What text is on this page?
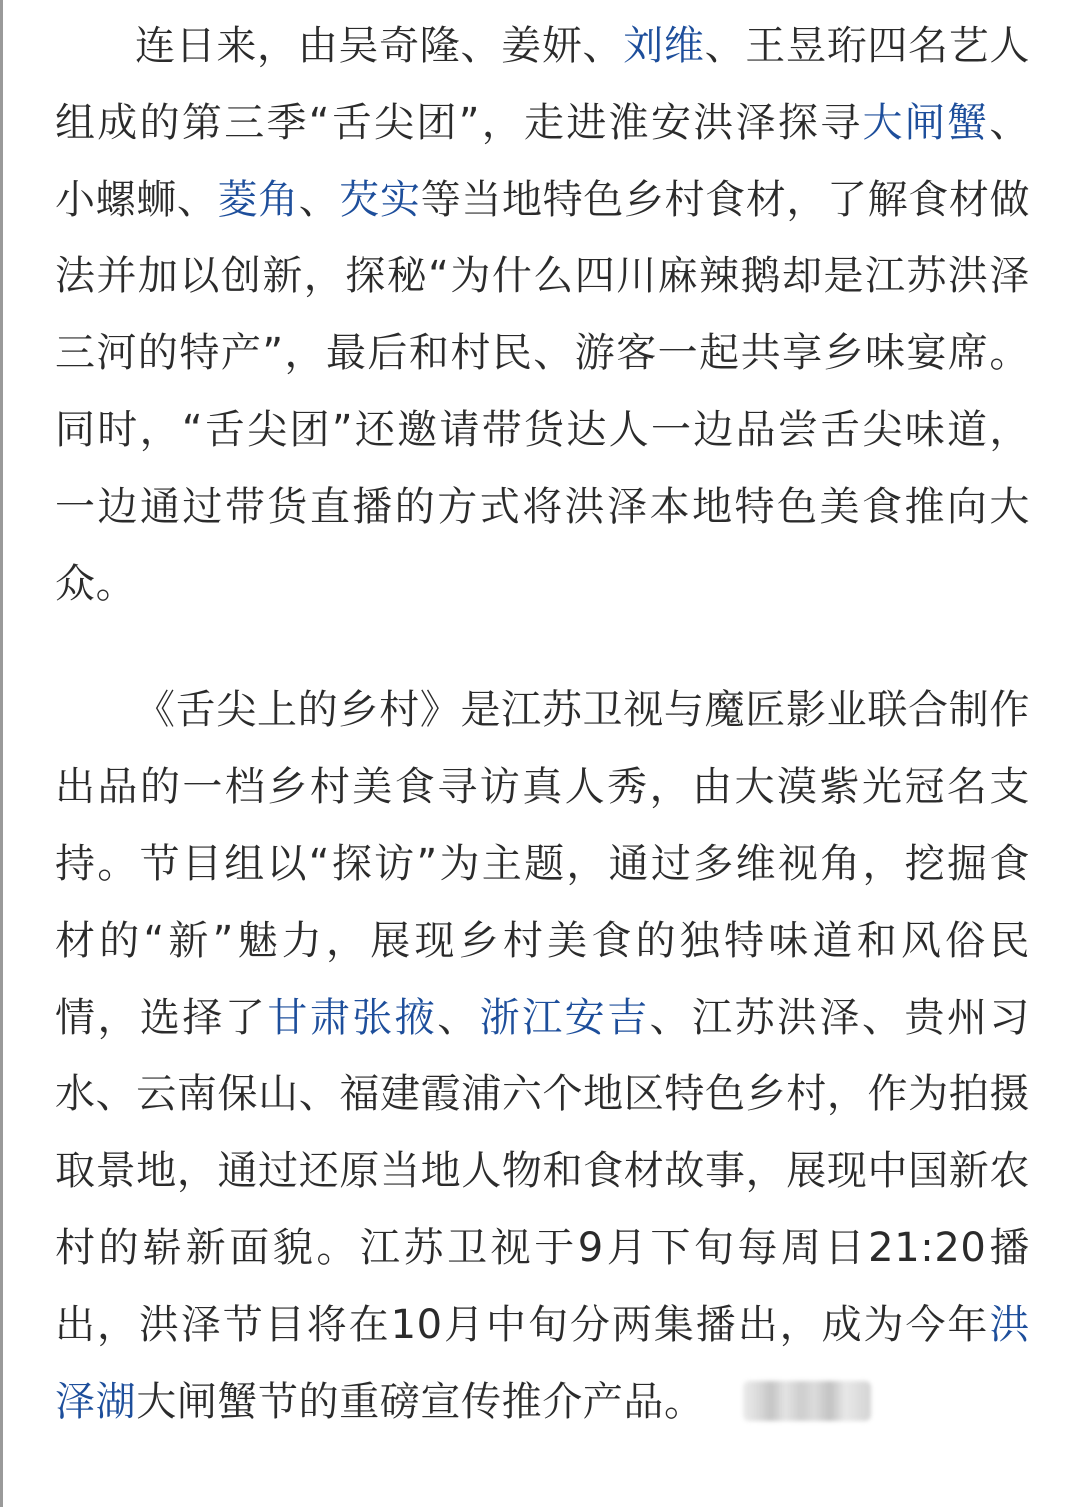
连日来，由吴奇隆、姜妍、刘维、王昱珩四名艺人组成的第三季“舌尖团”，走进淮安洪泽探寻大闸蟹、小螺蛳、菱角、芡实等当地特色乡村食材，了解食材做法并加以创新，探秘“为什么四川麻辣鹅却是江苏洪泽三河的特产”，最后和村民、游客一起共享乡味宴席。同时，“舌尖团”还邀请带货达人一边品尝舌尖味道，一边通过带货直播的方式将洪泽本地特色美食推向大众。

《舌尖上的乡村》是江苏卫视与魔匠影业联合制作出品的一档乡村美食寻访真人秀，由大漠紫光冠名支持。节目组以“探访”为主题，通过多维视角，挖掘食材的“新”魅力，展现乡村美食的独特味道和风俗民情，选择了甘肃张掖、浙江安吉、江苏洪泽、贵州习水、云南保山、福建霞浦六个地区特色乡村，作为拍摄取景地，通过还原当地人物和食材故事，展现中国新农村的崭新面貌。江苏卫视于9月下旬每周日21:20播出，洪泽节目将在10月中旬分两集播出，成为今年洪泽湖大闸蟹节的重磅宣传推介产品。
